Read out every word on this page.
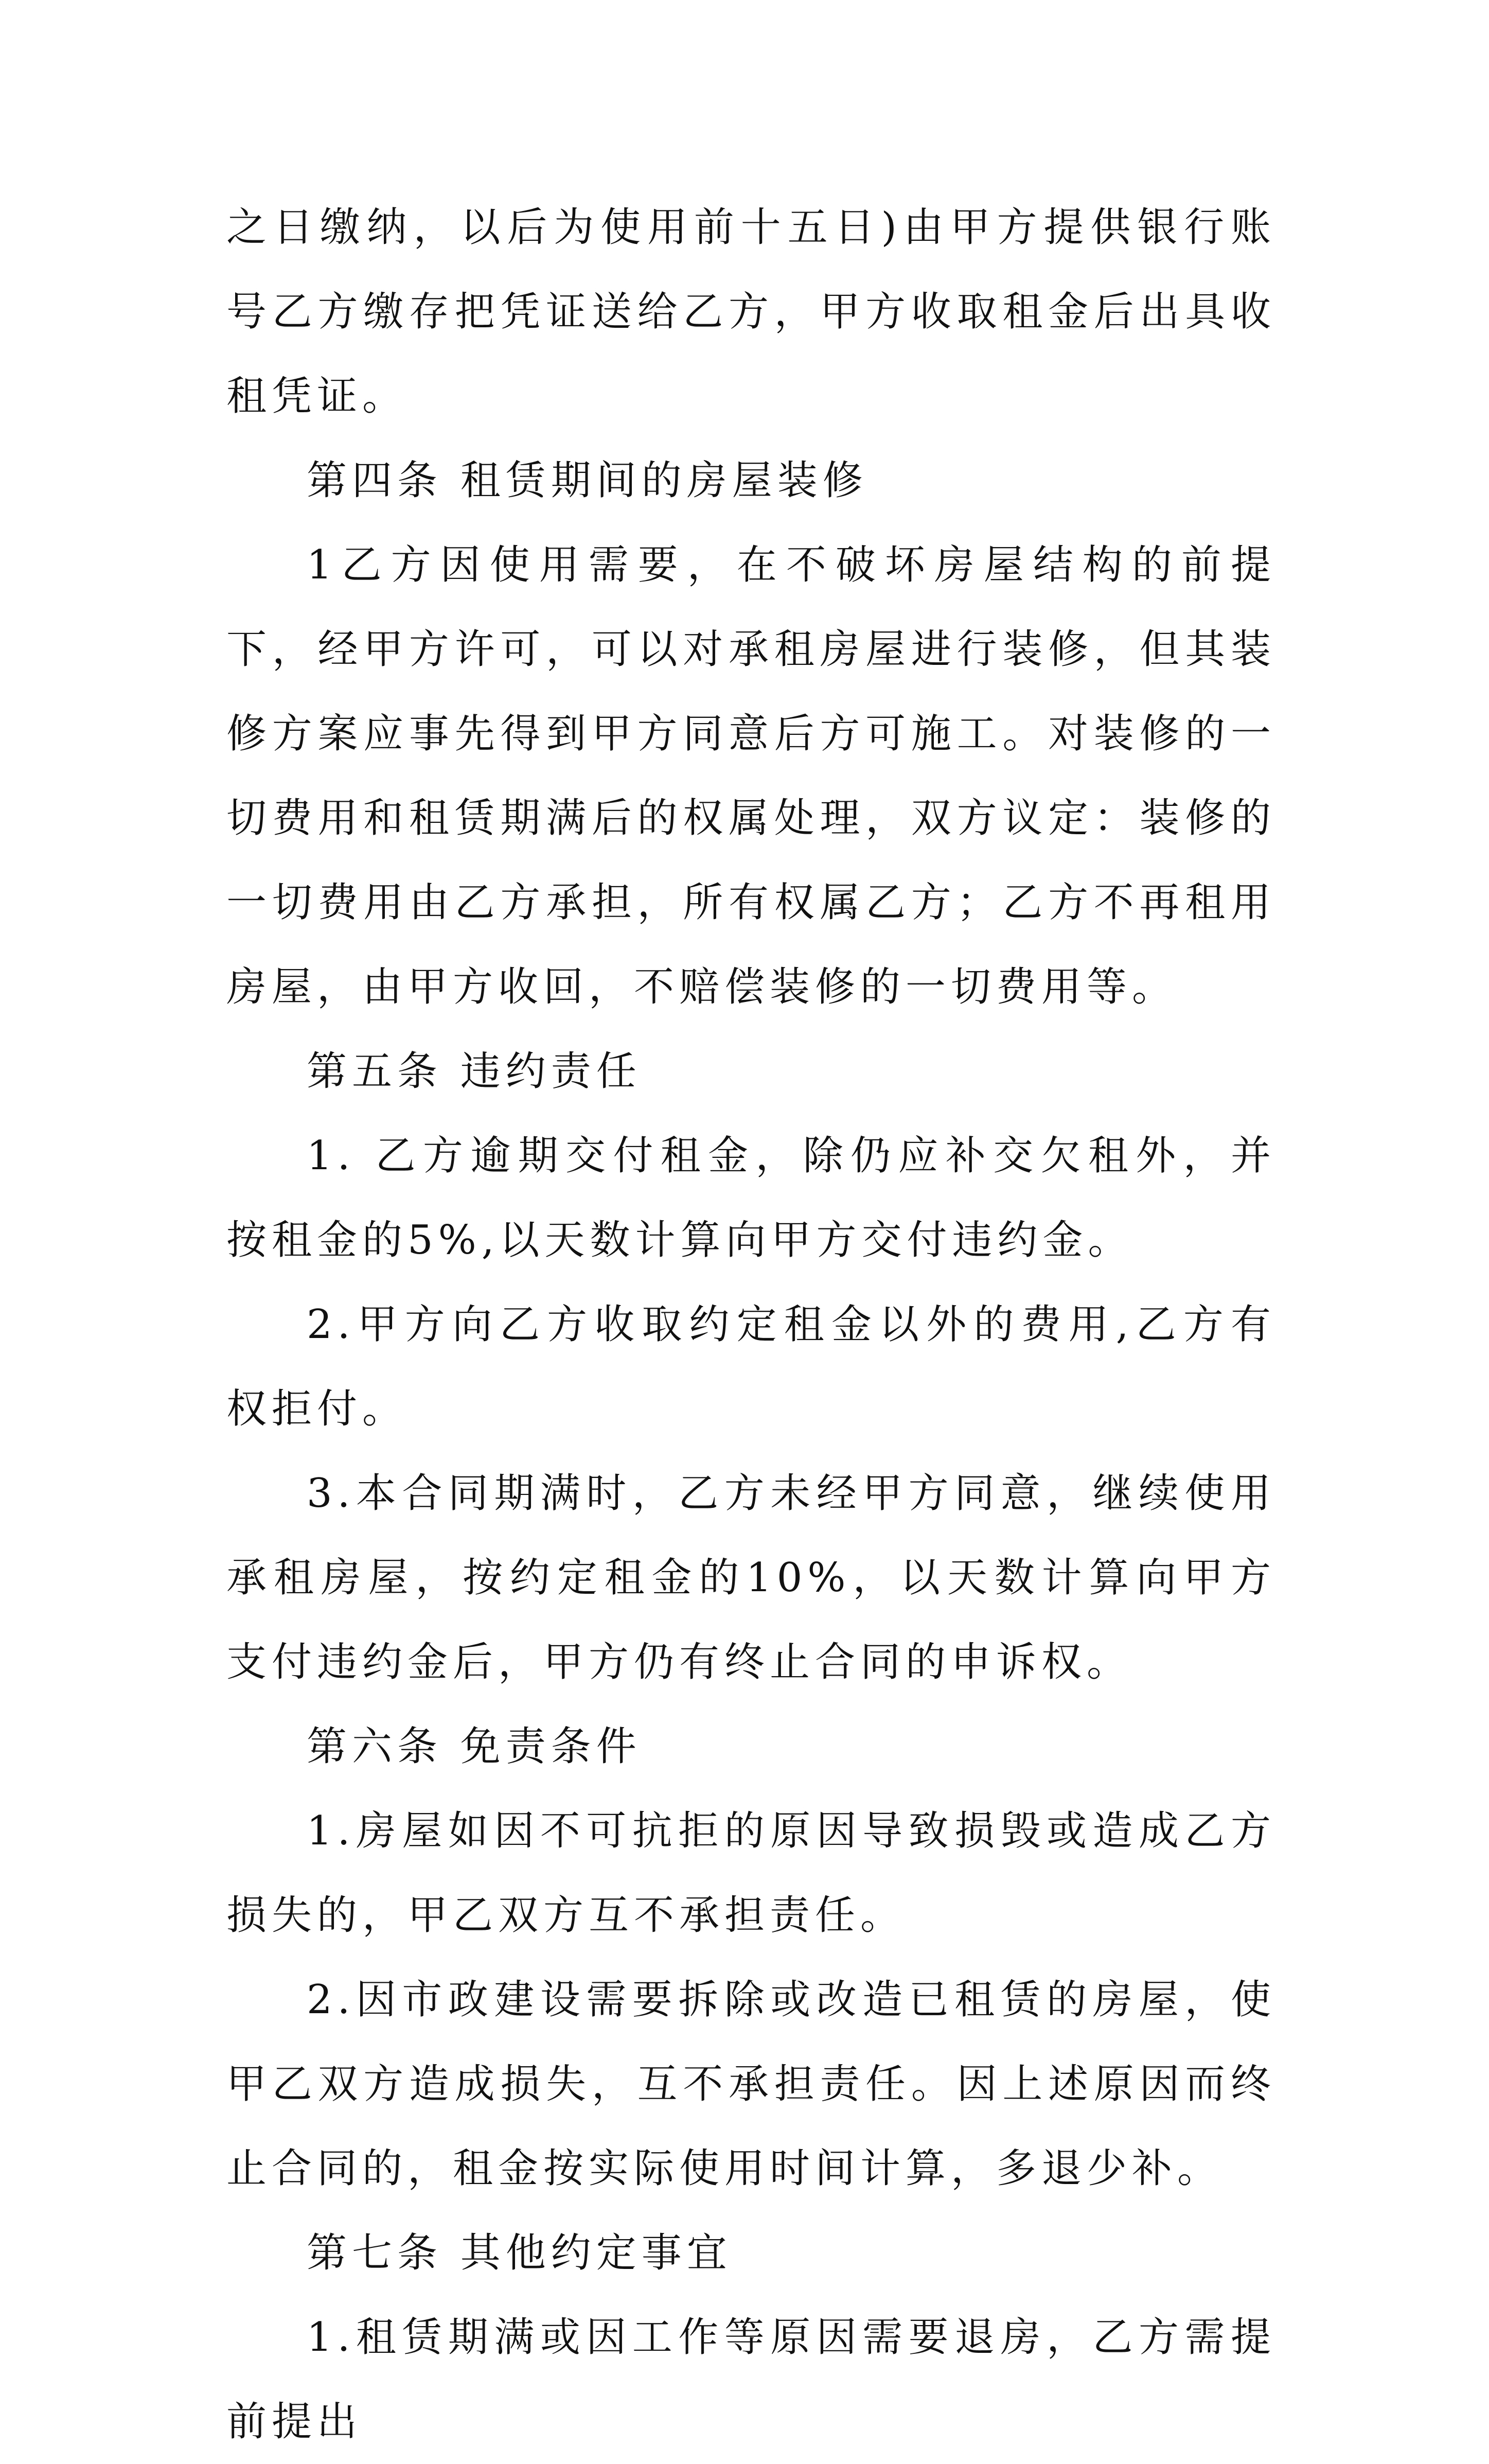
之日缴纳，以后为使用前十五日)由甲方提供银行账号乙方缴存把凭证送给乙方，甲方收取租金后出具收租凭证。

第四条 租赁期间的房屋装修

1乙方因使用需要，在不破坏房屋结构的前提下，经甲方许可，可以对承租房屋进行装修，但其装修方案应事先得到甲方同意后方可施工。对装修的一切费用和租赁期满后的权属处理，双方议定：装修的一切费用由乙方承担，所有权属乙方；乙方不再租用房屋，由甲方收回，不赔偿装修的一切费用等。

第五条 违约责任

1. 乙方逾期交付租金，除仍应补交欠租外，并按租金的5%,以天数计算向甲方交付违约金。

2.甲方向乙方收取约定租金以外的费用,乙方有权拒付。

3.本合同期满时，乙方未经甲方同意，继续使用承租房屋，按约定租金的10%，以天数计算向甲方支付违约金后，甲方仍有终止合同的申诉权。

第六条 免责条件

1.房屋如因不可抗拒的原因导致损毁或造成乙方损失的，甲乙双方互不承担责任。

2.因市政建设需要拆除或改造已租赁的房屋，使甲乙双方造成损失，互不承担责任。因上述原因而终止合同的，租金按实际使用时间计算，多退少补。

第七条 其他约定事宜

1.租赁期满或因工作等原因需要退房，乙方需提前提出
